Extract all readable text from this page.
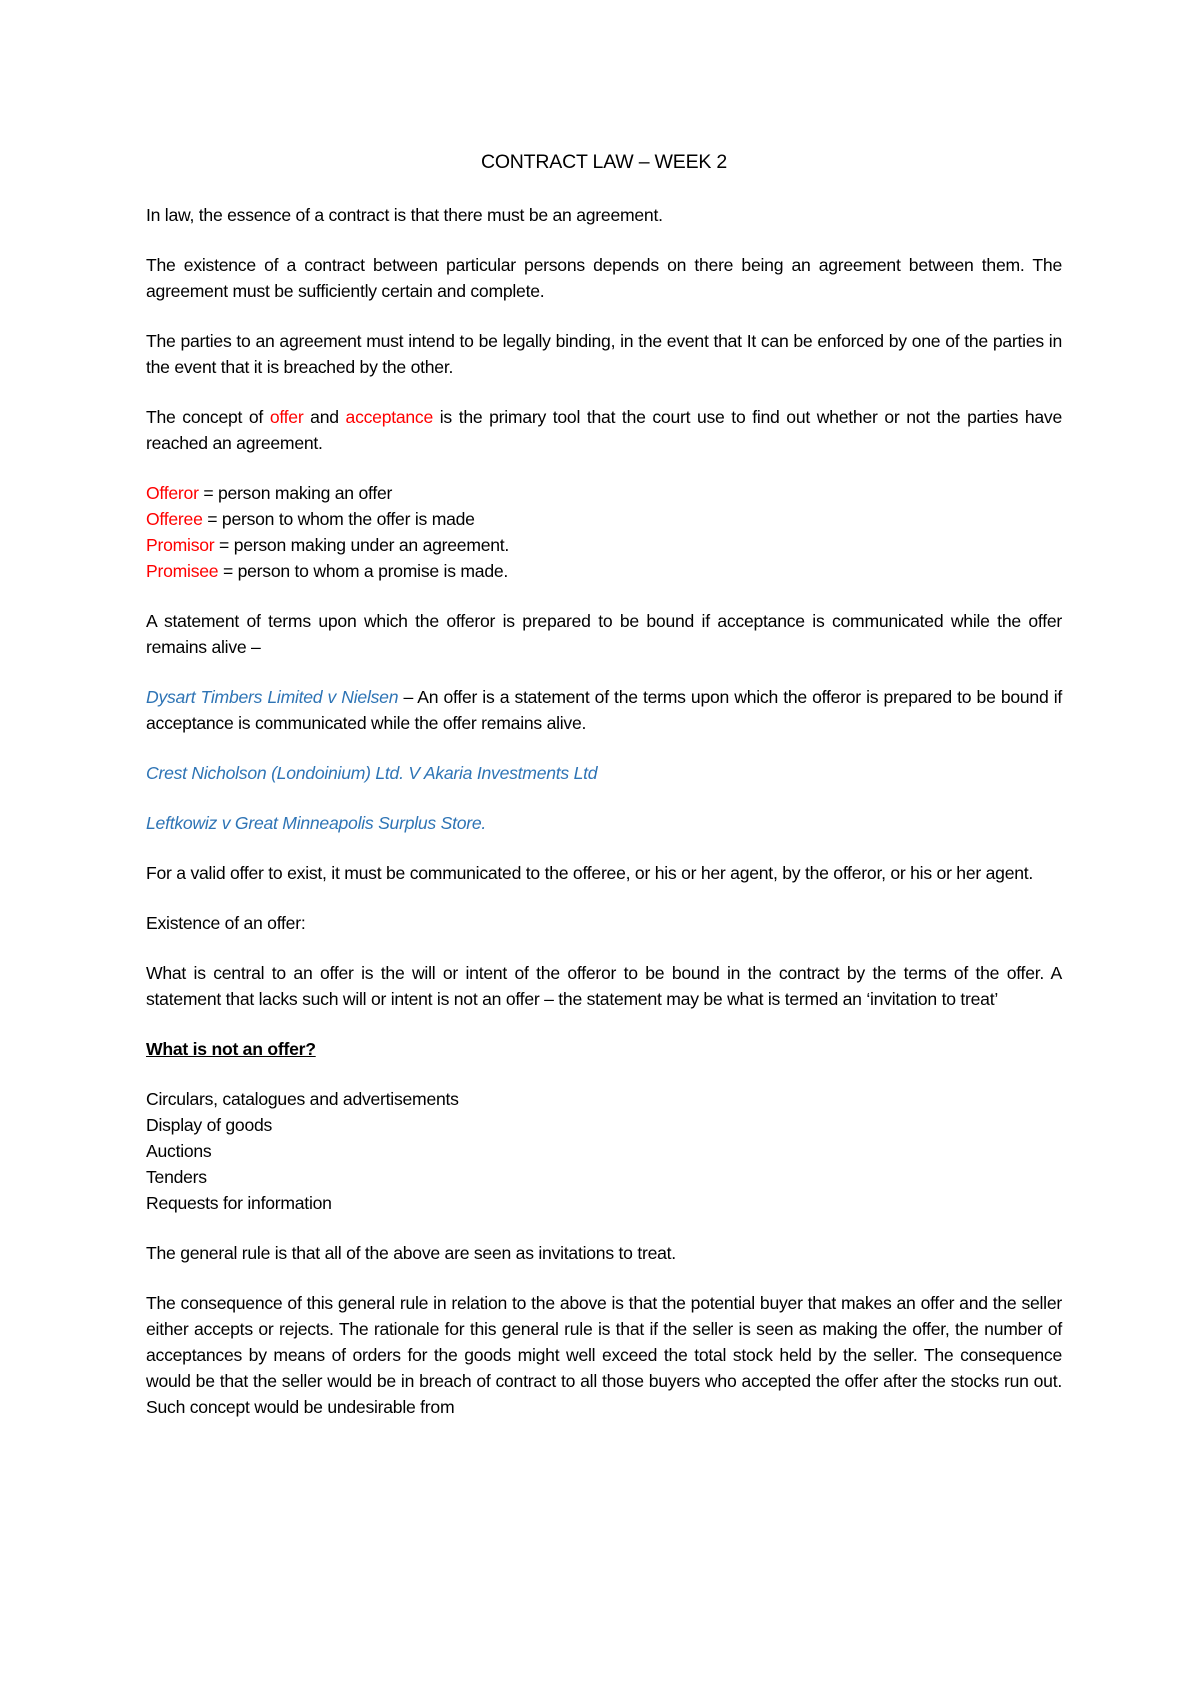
CONTRACT LAW – WEEK 2

In law, the essence of a contract is that there must be an agreement.

The existence of a contract between particular persons depends on there being an agreement between them. The agreement must be sufficiently certain and complete.

The parties to an agreement must intend to be legally binding, in the event that It can be enforced by one of the parties in the event that it is breached by the other.

The concept of offer and acceptance is the primary tool that the court use to find out whether or not the parties have reached an agreement.

Offeror = person making an offer
Offeree = person to whom the offer is made
Promisor = person making under an agreement.
Promisee = person to whom a promise is made.

A statement of terms upon which the offeror is prepared to be bound if acceptance is communicated while the offer remains alive –

Dysart Timbers Limited v Nielsen – An offer is a statement of the terms upon which the offeror is prepared to be bound if acceptance is communicated while the offer remains alive.

Crest Nicholson (Londoinium) Ltd. V Akaria Investments Ltd

Leftkowiz v Great Minneapolis Surplus Store.

For a valid offer to exist, it must be communicated to the offeree, or his or her agent, by the offeror, or his or her agent.

Existence of an offer:

What is central to an offer is the will or intent of the offeror to be bound in the contract by the terms of the offer. A statement that lacks such will or intent is not an offer – the statement may be what is termed an ‘invitation to treat’

What is not an offer?

Circulars, catalogues and advertisements
Display of goods
Auctions
Tenders
Requests for information

The general rule is that all of the above are seen as invitations to treat.

The consequence of this general rule in relation to the above is that the potential buyer that makes an offer and the seller either accepts or rejects. The rationale for this general rule is that if the seller is seen as making the offer, the number of acceptances by means of orders for the goods might well exceed the total stock held by the seller. The consequence would be that the seller would be in breach of contract to all those buyers who accepted the offer after the stocks run out. Such concept would be undesirable from
